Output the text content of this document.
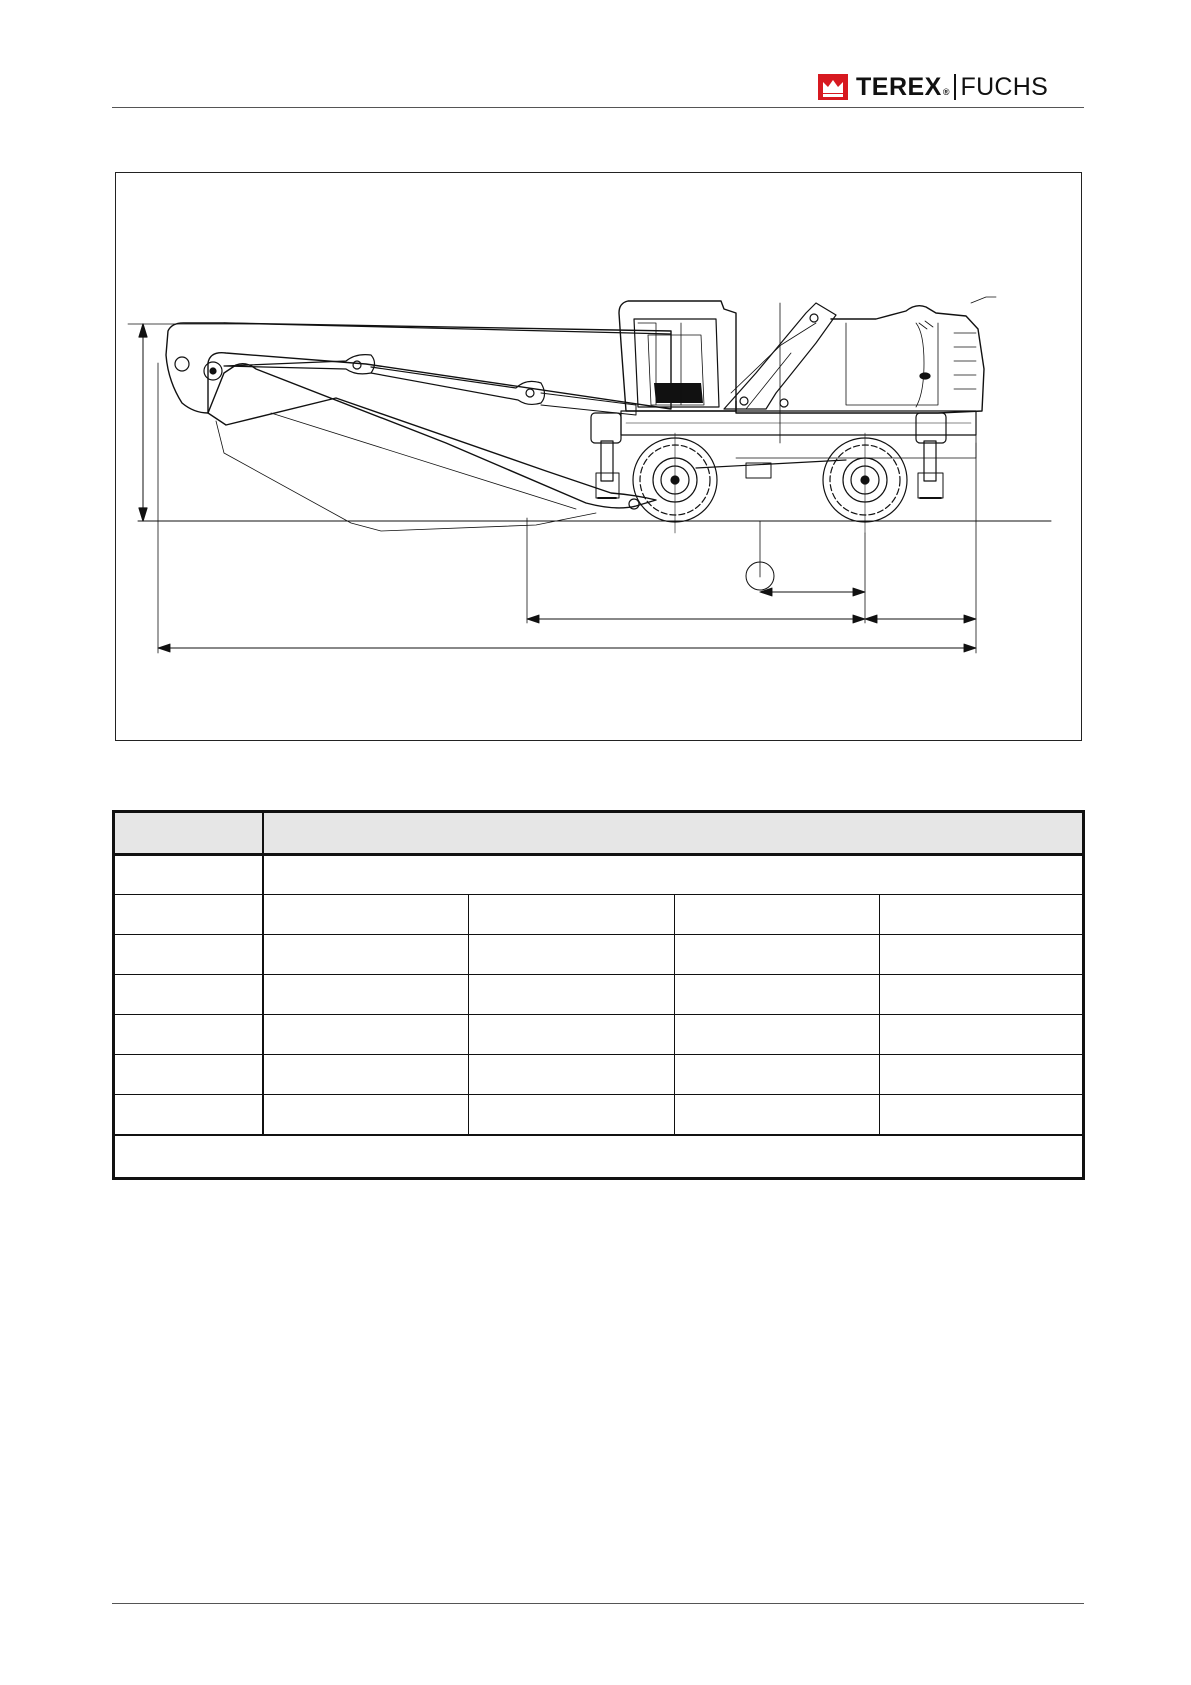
TEREX ® FUCHS
